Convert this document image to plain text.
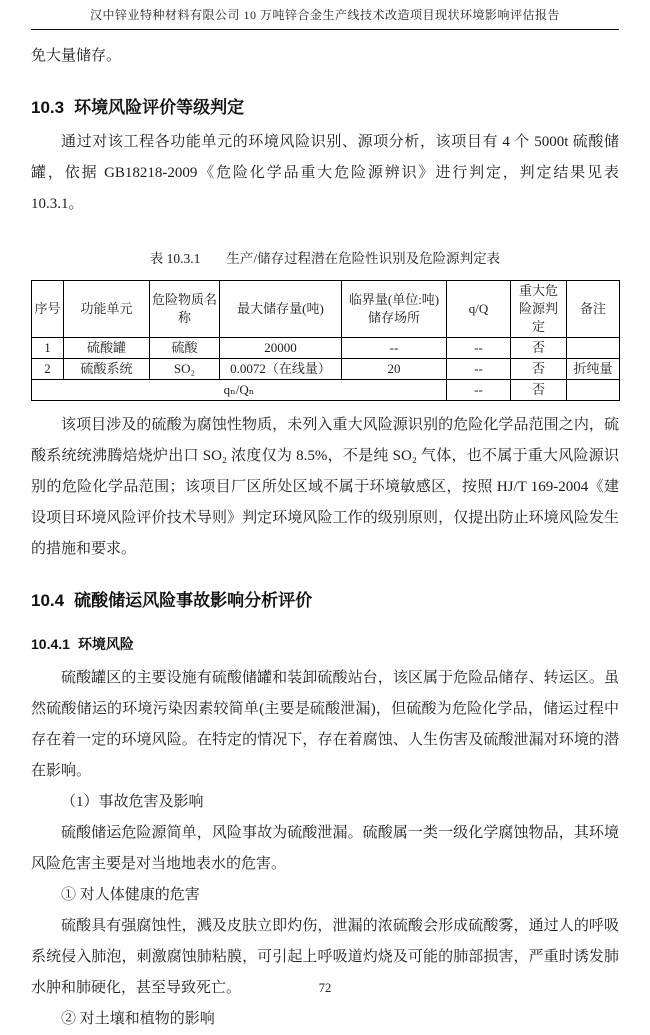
汉中锌业特种材料有限公司 10 万吨锌合金生产线技术改造项目现状环境影响评估报告

免大量储存。

10.3 环境风险评价等级判定

通过对该工程各功能单元的环境风险识别、源项分析，该项目有 4 个 5000t 硫酸储罐，依据 GB18218-2009《危险化学品重大危险源辨识》进行判定，判定结果见表 10.3.1。

表 10.3.1 生产/储存过程潜在危险性识别及危险源判定表
序号	功能单元	危险物质名称	最大储存量(吨)	临界量(单位:吨)储存场所	q/Q	重大危险源判定	备注
1	硫酸罐	硫酸	20000	--	--	否	
2	硫酸系统	SO₂	0.0072（在线量）	20	--	否	折纯量
qₙ/Qₙ					--	否	

该项目涉及的硫酸为腐蚀性物质，未列入重大风险源识别的危险化学品范围之内，硫酸系统统沸腾焙烧炉出口 SO₂ 浓度仅为 8.5%，不是纯 SO₂ 气体，也不属于重大风险源识别的危险化学品范围；该项目厂区所处区域不属于环境敏感区，按照 HJ/T 169-2004《建设项目环境风险评价技术导则》判定环境风险工作的级别原则，仅提出防止环境风险发生的措施和要求。

10.4 硫酸储运风险事故影响分析评价
10.4.1 环境风险

硫酸罐区的主要设施有硫酸储罐和装卸硫酸站台，该区属于危险品储存、转运区。虽然硫酸储运的环境污染因素较简单(主要是硫酸泄漏)，但硫酸为危险化学品，储运过程中存在着一定的环境风险。在特定的情况下，存在着腐蚀、人生伤害及硫酸泄漏对环境的潜在影响。

（1）事故危害及影响

硫酸储运危险源简单，风险事故为硫酸泄漏。硫酸属一类一级化学腐蚀物品，其环境风险危害主要是对当地地表水的危害。

① 对人体健康的危害

硫酸具有强腐蚀性，溅及皮肤立即灼伤，泄漏的浓硫酸会形成硫酸雾，通过人的呼吸系统侵入肺泡，刺激腐蚀肺粘膜，可引起上呼吸道灼烧及可能的肺部损害，严重时诱发肺水肿和肺硬化，甚至导致死亡。

② 对土壤和植物的影响

72
